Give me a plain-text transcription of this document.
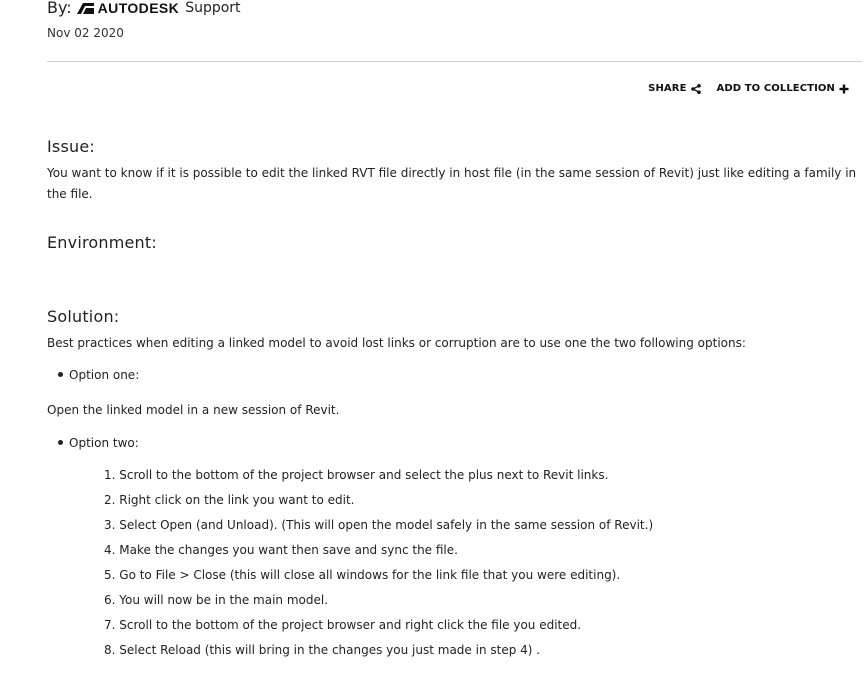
By: AUTODESK Support
Nov 02 2020
SHARE	ADD TO COLLECTION
Issue:
You want to know if it is possible to edit the linked RVT file directly in host file (in the same session of Revit) just like editing a family in the file.
Environment:
Solution:
Best practices when editing a linked model to avoid lost links or corruption are to use one the two following options:
Option one:
Open the linked model in a new session of Revit.
Option two:
1. Scroll to the bottom of the project browser and select the plus next to Revit links.
2. Right click on the link you want to edit.
3. Select Open (and Unload). (This will open the model safely in the same session of Revit.)
4. Make the changes you want then save and sync the file.
5. Go to File > Close (this will close all windows for the link file that you were editing).
6. You will now be in the main model.
7. Scroll to the bottom of the project browser and right click the file you edited.
8. Select Reload (this will bring in the changes you just made in step 4) .
